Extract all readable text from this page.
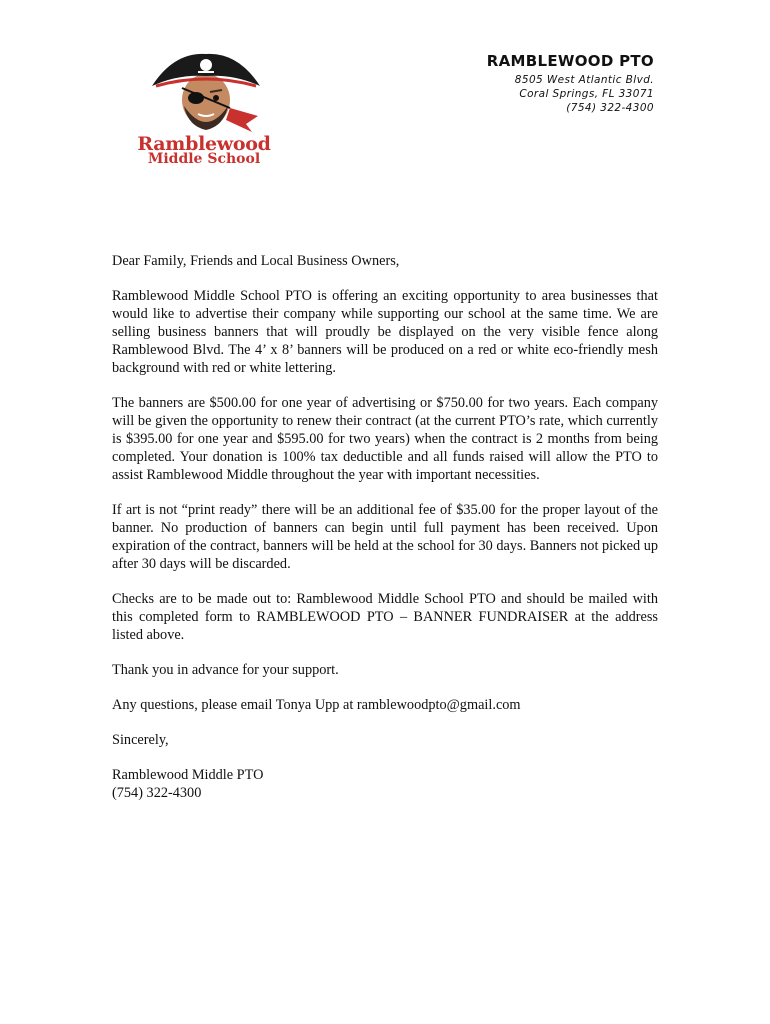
Ramblewood
Middle School
RAMBLEWOOD PTO
8505 West Atlantic Blvd.
Coral Springs, FL 33071
(754) 322-4300

Dear Family, Friends and Local Business Owners,

Ramblewood Middle School PTO is offering an exciting opportunity to area businesses that would like to advertise their company while supporting our school at the same time. We are selling business banners that will proudly be displayed on the very visible fence along Ramblewood Blvd. The 4’ x 8’ banners will be produced on a red or white eco-friendly mesh background with red or white lettering.

The banners are $500.00 for one year of advertising or $750.00 for two years. Each company will be given the opportunity to renew their contract (at the current PTO’s rate, which currently is $395.00 for one year and $595.00 for two years) when the contract is 2 months from being completed. Your donation is 100% tax deductible and all funds raised will allow the PTO to assist Ramblewood Middle throughout the year with important necessities.

If art is not “print ready” there will be an additional fee of $35.00 for the proper layout of the banner. No production of banners can begin until full payment has been received. Upon expiration of the contract, banners will be held at the school for 30 days. Banners not picked up after 30 days will be discarded.

Checks are to be made out to: Ramblewood Middle School PTO and should be mailed with this completed form to RAMBLEWOOD PTO – BANNER FUNDRAISER at the address listed above.

Thank you in advance for your support.

Any questions, please email Tonya Upp at ramblewoodpto@gmail.com

Sincerely,

Ramblewood Middle PTO

(754) 322-4300
